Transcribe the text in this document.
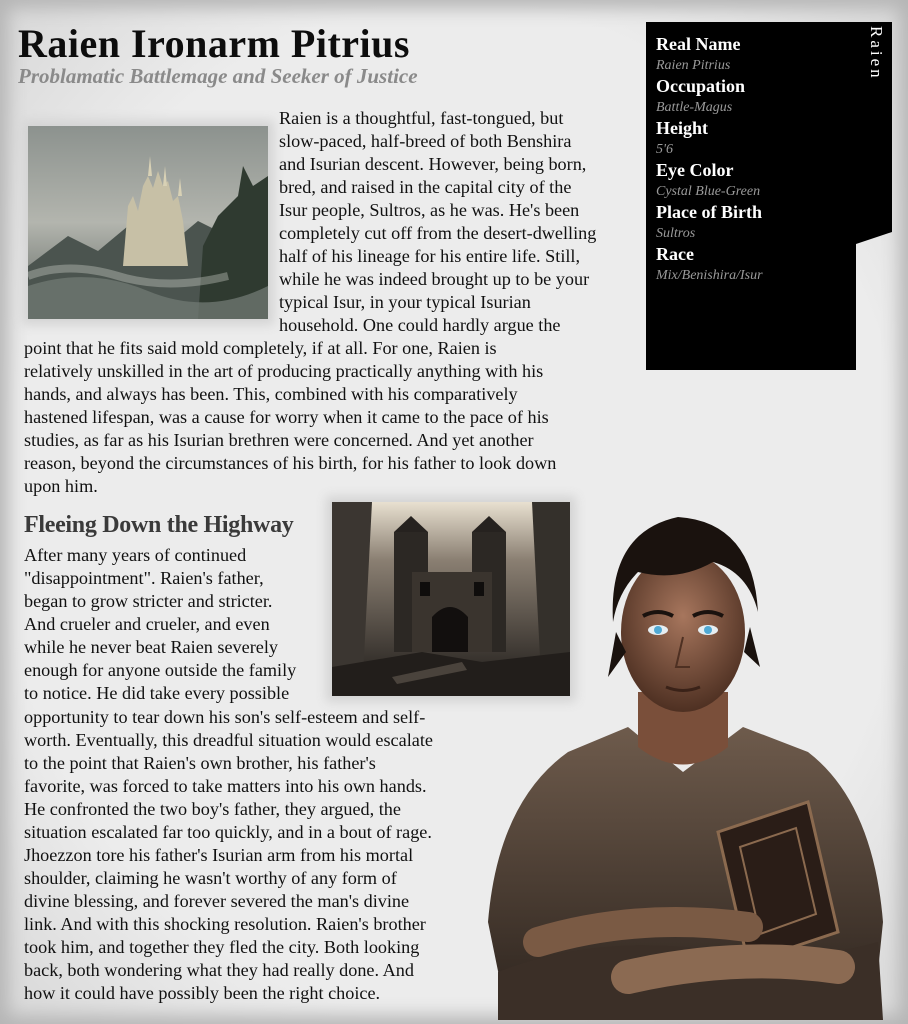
Raien Ironarm Pitrius
Problamatic Battlemage and Seeker of Justice
Raien is a thoughtful, fast-tongued, but
slow-paced, half-breed of both Benshira
and Isurian descent. However, being born,
bred, and raised in the capital city of the
Isur people, Sultros, as he was. He's been
completely cut off from the desert-dwelling
half of his lineage for his entire life. Still,
while he was indeed brought up to be your
typical Isur, in your typical Isurian
household. One could hardly argue the
point that he fits said mold completely, if at all. For one, Raien is
relatively unskilled in the art of producing practically anything with his
hands, and always has been. This, combined with his comparatively
hastened lifespan, was a cause for worry when it came to the pace of his
studies, as far as his Isurian brethren were concerned. And yet another
reason, beyond the circumstances of his birth, for his father to look down
upon him.
Real Name
Raien Pitrius
Occupation
Battle-Magus
Height
5'6
Eye Color
Cystal Blue-Green
Place of Birth
Sultros
Race
Mix/Benishira/Isur
Raien
Fleeing Down the Highway
After many years of continued
"disappointment". Raien's father,
began to grow stricter and stricter.
And crueler and crueler, and even
while he never beat Raien severely
enough for anyone outside the family
to notice. He did take every possible
opportunity to tear down his son's self-esteem and self-
worth. Eventually, this dreadful situation would escalate
to the point that Raien's own brother, his father's
favorite, was forced to take matters into his own hands.
He confronted the two boy's father, they argued, the
situation escalated far too quickly, and in a bout of rage.
Jhoezzon tore his father's Isurian arm from his mortal
shoulder, claiming he wasn't worthy of any form of
divine blessing, and forever severed the man's divine
link. And with this shocking resolution. Raien's brother
took him, and together they fled the city. Both looking
back, both wondering what they had really done. And
how it could have possibly been the right choice.
